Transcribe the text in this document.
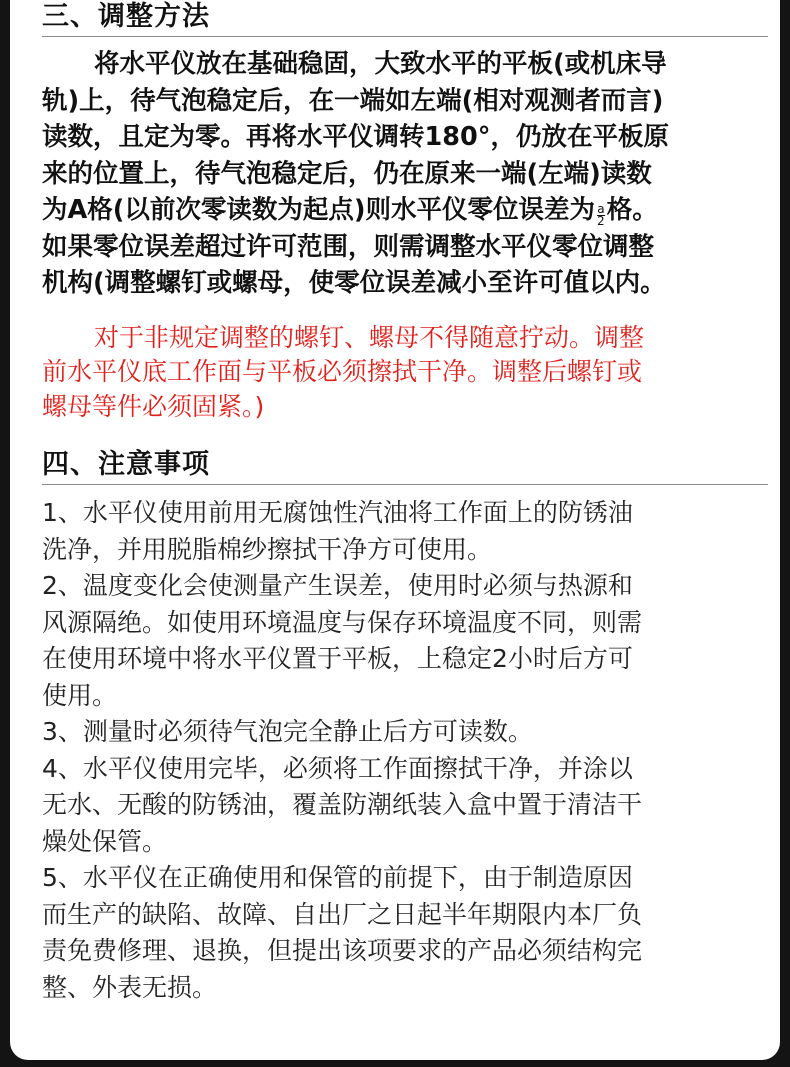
三、调整方法
将水平仪放在基础稳固，大致水平的平板(或机床导
轨)上，待气泡稳定后，在一端如左端(相对观测者而言)
读数，且定为零。再将水平仪调转180°，仍放在平板原
来的位置上，待气泡稳定后，仍在原来一端(左端)读数
为A格(以前次零读数为起点)则水平仪零位误差为 $\frac{a}{2}$ 格。
如果零位误差超过许可范围，则需调整水平仪零位调整
机构(调整螺钉或螺母，使零位误差减小至许可值以内。
对于非规定调整的螺钉、螺母不得随意拧动。调整
前水平仪底工作面与平板必须擦拭干净。调整后螺钉或
螺母等件必须固紧。)
四、注意事项
1、水平仪使用前用无腐蚀性汽油将工作面上的防锈油
洗净，并用脱脂棉纱擦拭干净方可使用。
2、温度变化会使测量产生误差，使用时必须与热源和
风源隔绝。如使用环境温度与保存环境温度不同，则需
在使用环境中将水平仪置于平板，上稳定2小时后方可
使用。
3、测量时必须待气泡完全静止后方可读数。
4、水平仪使用完毕，必须将工作面擦拭干净，并涂以
无水、无酸的防锈油，覆盖防潮纸装入盒中置于清洁干
燥处保管。
5、水平仪在正确使用和保管的前提下，由于制造原因
而生产的缺陷、故障、自出厂之日起半年期限内本厂负
责免费修理、退换，但提出该项要求的产品必须结构完
整、外表无损。
